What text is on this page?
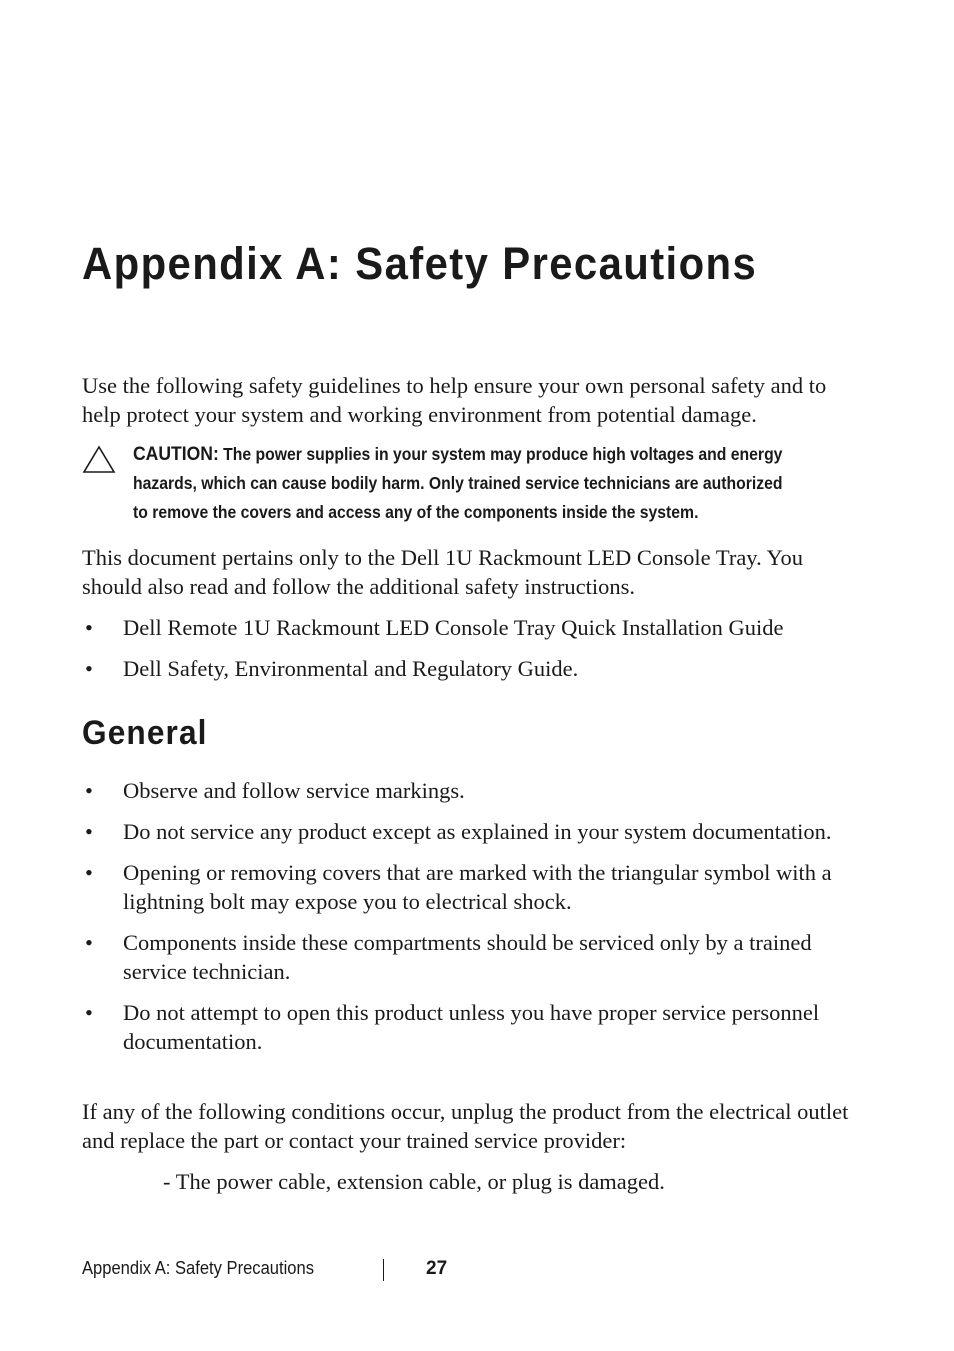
Appendix A: Safety Precautions

Use the following safety guidelines to help ensure your own personal safety and to help protect your system and working environment from potential damage.

CAUTION: The power supplies in your system may produce high voltages and energy hazards, which can cause bodily harm. Only trained service technicians are authorized to remove the covers and access any of the components inside the system.

This document pertains only to the Dell 1U Rackmount LED Console Tray. You should also read and follow the additional safety instructions.

• Dell Remote 1U Rackmount LED Console Tray Quick Installation Guide
• Dell Safety, Environmental and Regulatory Guide.
General
• Observe and follow service markings.
• Do not service any product except as explained in your system documentation.
• Opening or removing covers that are marked with the triangular symbol with a lightning bolt may expose you to electrical shock.
• Components inside these compartments should be serviced only by a trained service technician.
• Do not attempt to open this product unless you have proper service personnel documentation.

If any of the following conditions occur, unplug the product from the electrical outlet and replace the part or contact your trained service provider:

- The power cable, extension cable, or plug is damaged.

Appendix A: Safety Precautions	27
